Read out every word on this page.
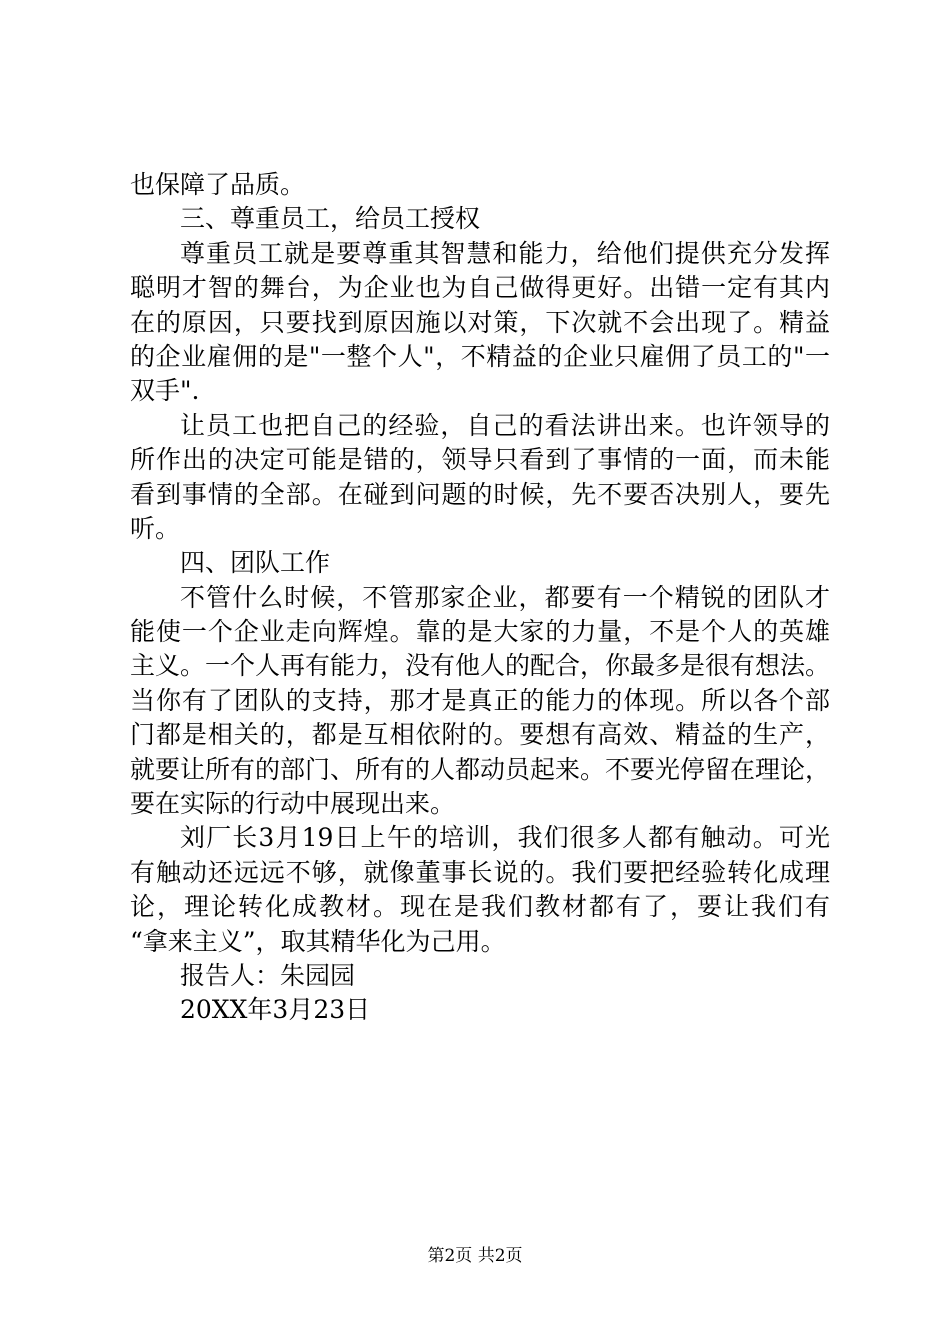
也保障了品质。
三、尊重员工，给员工授权
尊重员工就是要尊重其智慧和能力，给他们提供充分发挥
聪明才智的舞台，为企业也为自己做得更好。出错一定有其内
在的原因，只要找到原因施以对策，下次就不会出现了。精益
的企业雇佣的是"一整个人"，不精益的企业只雇佣了员工的"一
双手".
让员工也把自己的经验，自己的看法讲出来。也许领导的
所作出的决定可能是错的，领导只看到了事情的一面，而未能
看到事情的全部。在碰到问题的时候，先不要否决别人，要先
听。
四、团队工作
不管什么时候，不管那家企业，都要有一个精锐的团队才
能使一个企业走向辉煌。靠的是大家的力量，不是个人的英雄
主义。一个人再有能力，没有他人的配合，你最多是很有想法。
当你有了团队的支持，那才是真正的能力的体现。所以各个部
门都是相关的，都是互相依附的。要想有高效、精益的生产，
就要让所有的部门、所有的人都动员起来。不要光停留在理论，
要在实际的行动中展现出来。
刘厂长3月19日上午的培训，我们很多人都有触动。可光
有触动还远远不够，就像董事长说的。我们要把经验转化成理
论，理论转化成教材。现在是我们教材都有了，要让我们有
“拿来主义”，取其精华化为己用。
报告人：朱园园
20XX年3月23日
第2页 共2页
